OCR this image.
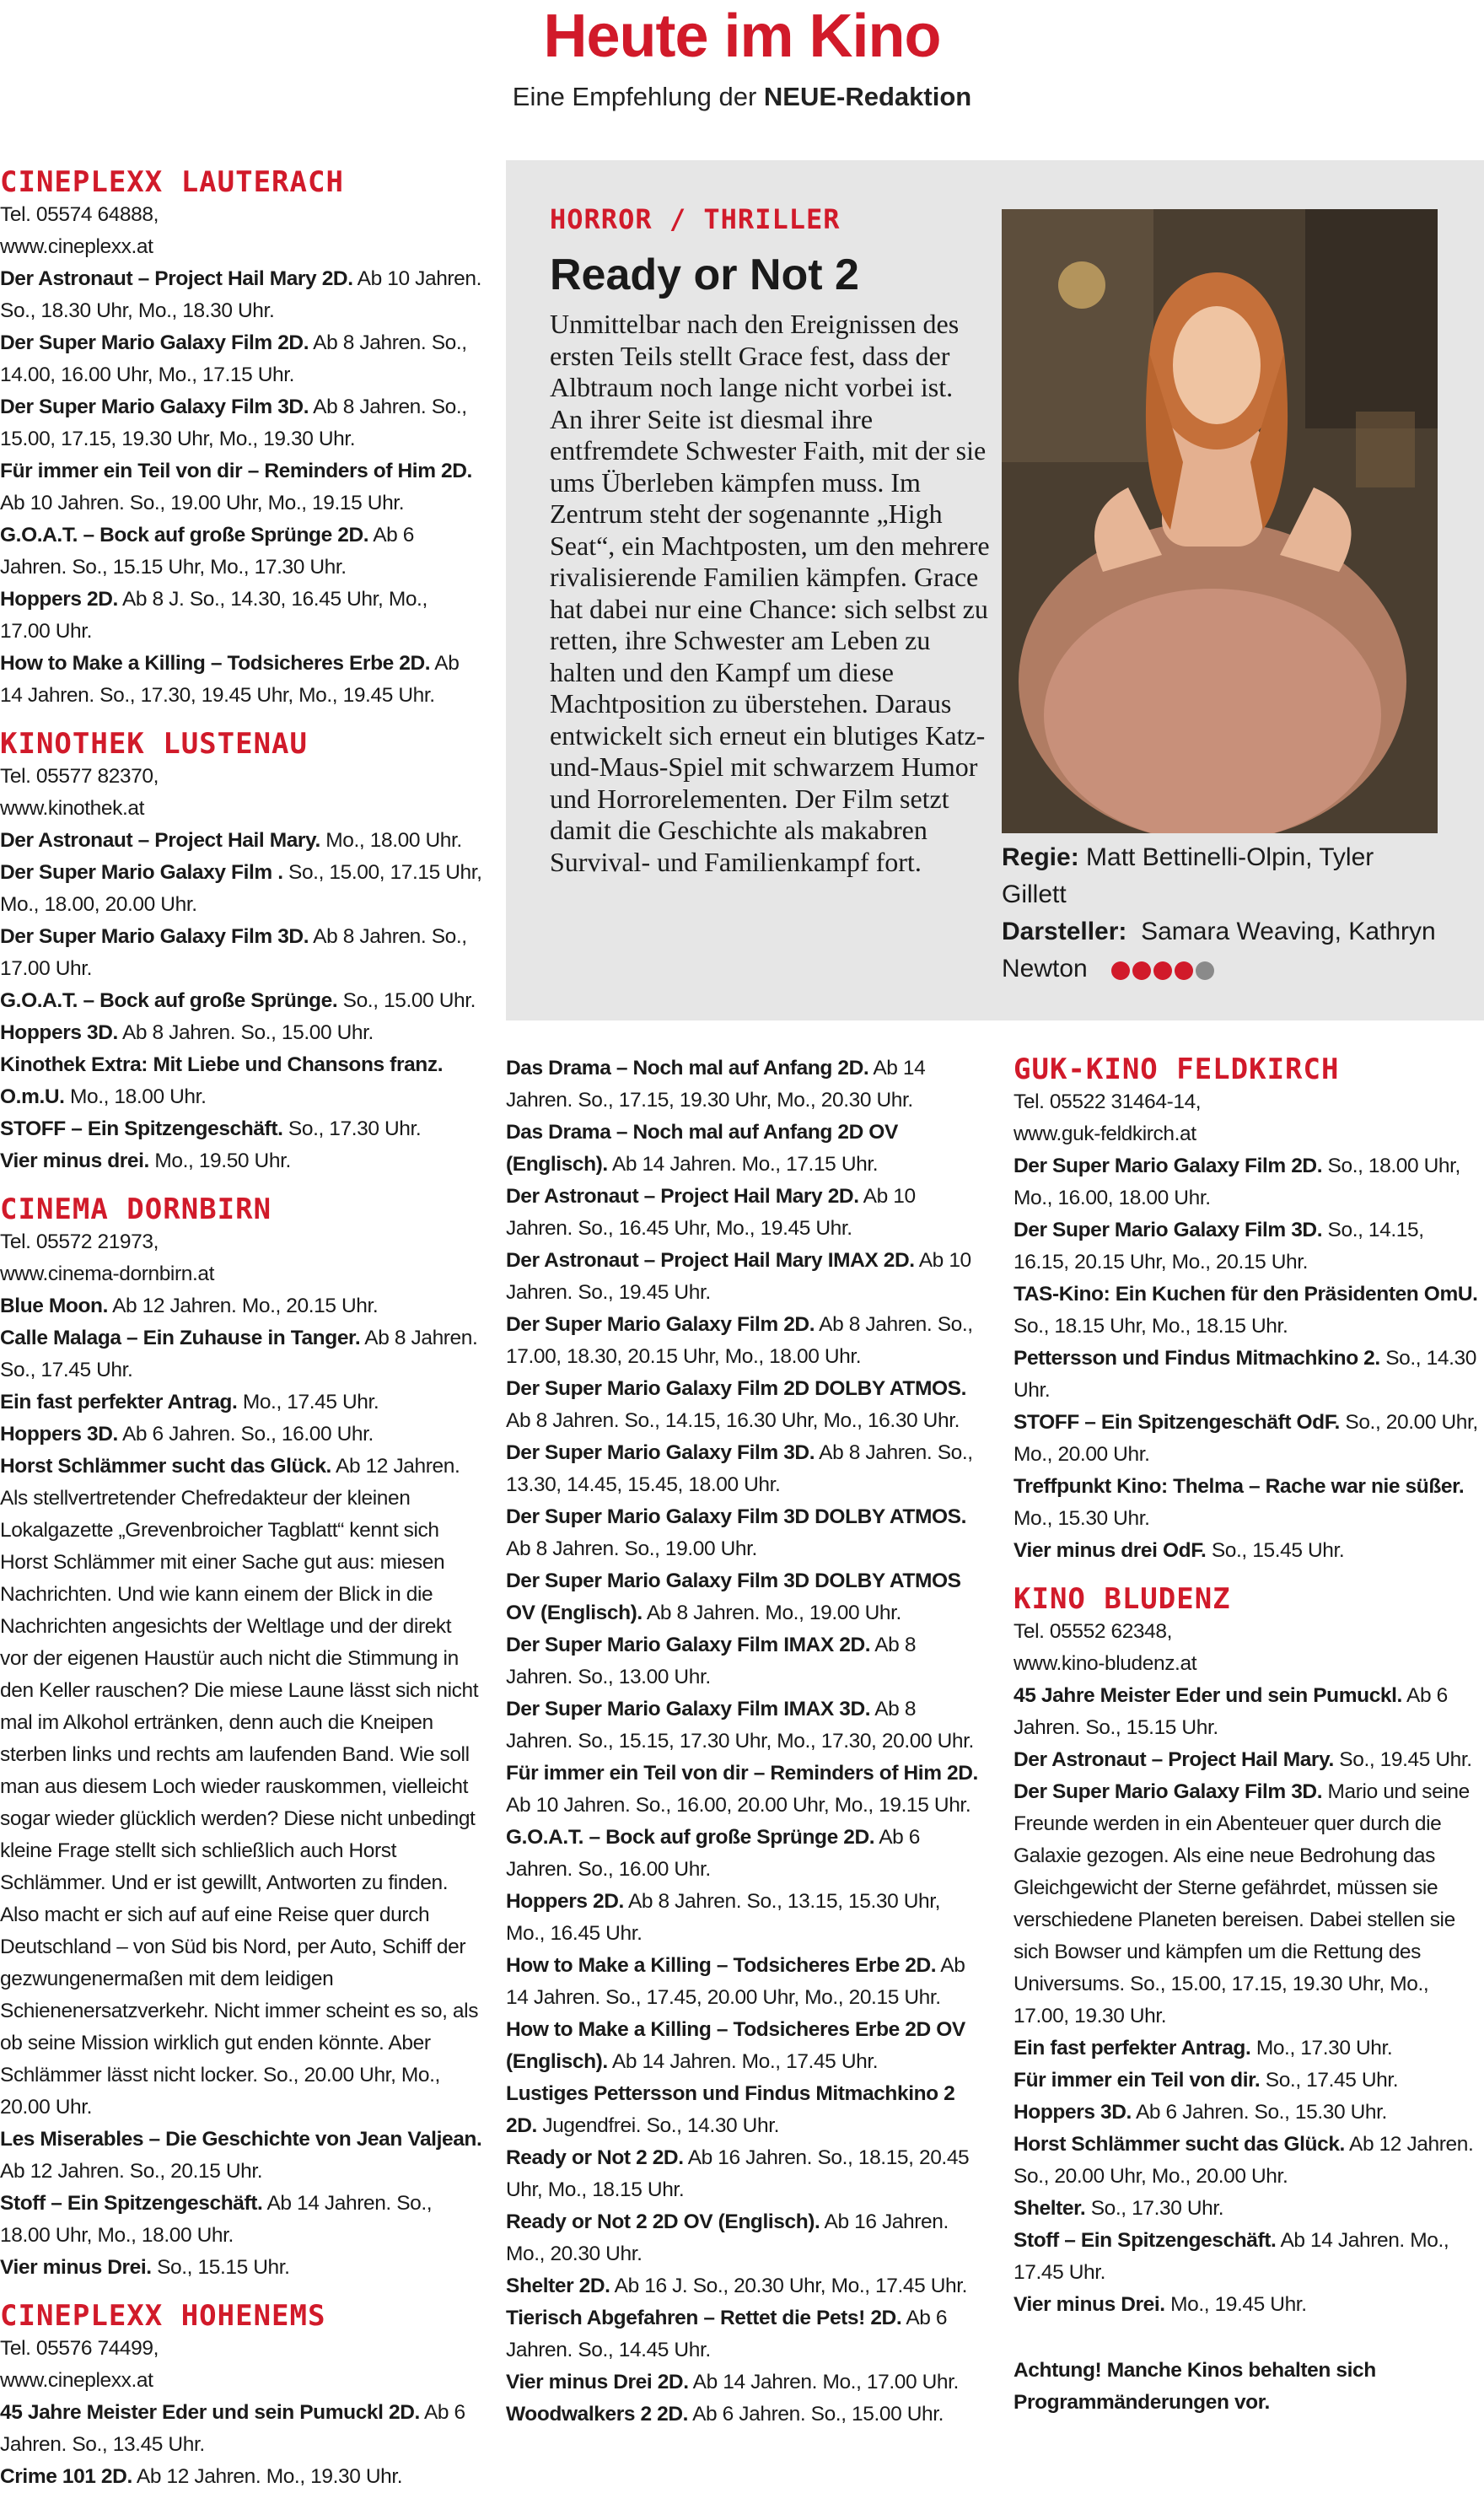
Heute im Kino
Eine Empfehlung der NEUE-Redaktion
CINEPLEXX LAUTERACH
Tel. 05574 64888,
www.cineplexx.at
Der Astronaut – Project Hail Mary 2D. Ab 10 Jahren. So., 18.30 Uhr, Mo., 18.30 Uhr.
Der Super Mario Galaxy Film 2D. Ab 8 Jahren. So., 14.00, 16.00 Uhr, Mo., 17.15 Uhr.
Der Super Mario Galaxy Film 3D. Ab 8 Jahren. So., 15.00, 17.15, 19.30 Uhr, Mo., 19.30 Uhr.
Für immer ein Teil von dir – Reminders of Him 2D. Ab 10 Jahren. So., 19.00 Uhr, Mo., 19.15 Uhr.
G.O.A.T. – Bock auf große Sprünge 2D. Ab 6 Jahren. So., 15.15 Uhr, Mo., 17.30 Uhr.
Hoppers 2D. Ab 8 J. So., 14.30, 16.45 Uhr, Mo., 17.00 Uhr.
How to Make a Killing – Todsicheres Erbe 2D. Ab 14 Jahren. So., 17.30, 19.45 Uhr, Mo., 19.45 Uhr.
KINOTHEK LUSTENAU
Tel. 05577 82370,
www.kinothek.at
Der Astronaut – Project Hail Mary. Mo., 18.00 Uhr.
Der Super Mario Galaxy Film . So., 15.00, 17.15 Uhr, Mo., 18.00, 20.00 Uhr.
Der Super Mario Galaxy Film 3D. Ab 8 Jahren. So., 17.00 Uhr.
G.O.A.T. – Bock auf große Sprünge. So., 15.00 Uhr.
Hoppers 3D. Ab 8 Jahren. So., 15.00 Uhr.
Kinothek Extra: Mit Liebe und Chansons franz. O.m.U. Mo., 18.00 Uhr.
STOFF – Ein Spitzengeschäft. So., 17.30 Uhr.
Vier minus drei. Mo., 19.50 Uhr.
CINEMA DORNBIRN
Tel. 05572 21973,
www.cinema-dornbirn.at
Blue Moon. Ab 12 Jahren. Mo., 20.15 Uhr.
Calle Malaga – Ein Zuhause in Tanger. Ab 8 Jahren. So., 17.45 Uhr.
Ein fast perfekter Antrag. Mo., 17.45 Uhr.
Hoppers 3D. Ab 6 Jahren. So., 16.00 Uhr.
Horst Schlämmer sucht das Glück. Ab 12 Jahren. Als stellvertretender Chefredakteur der kleinen Lokalgazette „Grevenbroicher Tagblatt“ kennt sich Horst Schlämmer mit einer Sache gut aus: miesen Nachrichten. Und wie kann einem der Blick in die Nachrichten angesichts der Weltlage und der direkt vor der eigenen Haustür auch nicht die Stimmung in den Keller rauschen? Die miese Laune lässt sich nicht mal im Alkohol ertränken, denn auch die Kneipen sterben links und rechts am laufenden Band. Wie soll man aus diesem Loch wieder rauskommen, vielleicht sogar wieder glücklich werden? Diese nicht unbedingt kleine Frage stellt sich schließlich auch Horst Schlämmer. Und er ist gewillt, Antworten zu finden. Also macht er sich auf auf eine Reise quer durch Deutschland – von Süd bis Nord, per Auto, Schiff der gezwungenermaßen mit dem leidigen Schienenersatzverkehr. Nicht immer scheint es so, als ob seine Mission wirklich gut enden könnte. Aber Schlämmer lässt nicht locker. So., 20.00 Uhr, Mo., 20.00 Uhr.
Les Miserables – Die Geschichte von Jean Valjean. Ab 12 Jahren. So., 20.15 Uhr.
Stoff – Ein Spitzengeschäft. Ab 14 Jahren. So., 18.00 Uhr, Mo., 18.00 Uhr.
Vier minus Drei. So., 15.15 Uhr.
CINEPLEXX HOHENEMS
Tel. 05576 74499,
www.cineplexx.at
45 Jahre Meister Eder und sein Pumuckl 2D. Ab 6 Jahren. So., 13.45 Uhr.
Crime 101 2D. Ab 12 Jahren. Mo., 19.30 Uhr.
HORROR / THRILLER
Ready or Not 2
Unmittelbar nach den Ereignissen des ersten Teils stellt Grace fest, dass der Albtraum noch lange nicht vorbei ist. An ihrer Seite ist diesmal ihre entfremdete Schwester Faith, mit der sie ums Überleben kämpfen muss. Im Zentrum steht der sogenannte „High Seat“, ein Machtposten, um den mehrere rivalisierende Familien kämpfen. Grace hat dabei nur eine Chance: sich selbst zu retten, ihre Schwester am Leben zu halten und den Kampf um diese Machtposition zu überstehen. Daraus entwickelt sich erneut ein blutiges Katz-und-Maus-Spiel mit schwarzem Humor und Horrorelementen. Der Film setzt damit die Geschichte als makabren Survival- und Familienkampf fort.	Regie: Matt Bettinelli-Olpin, Tyler Gillett
Darsteller: Samara Weaving, Kathryn Newton
Das Drama – Noch mal auf Anfang 2D. Ab 14 Jahren. So., 17.15, 19.30 Uhr, Mo., 20.30 Uhr.
Das Drama – Noch mal auf Anfang 2D OV (Englisch). Ab 14 Jahren. Mo., 17.15 Uhr.
Der Astronaut – Project Hail Mary 2D. Ab 10 Jahren. So., 16.45 Uhr, Mo., 19.45 Uhr.
Der Astronaut – Project Hail Mary IMAX 2D. Ab 10 Jahren. So., 19.45 Uhr.
Der Super Mario Galaxy Film 2D. Ab 8 Jahren. So., 17.00, 18.30, 20.15 Uhr, Mo., 18.00 Uhr.
Der Super Mario Galaxy Film 2D DOLBY ATMOS. Ab 8 Jahren. So., 14.15, 16.30 Uhr, Mo., 16.30 Uhr.
Der Super Mario Galaxy Film 3D. Ab 8 Jahren. So., 13.30, 14.45, 15.45, 18.00 Uhr.
Der Super Mario Galaxy Film 3D DOLBY ATMOS. Ab 8 Jahren. So., 19.00 Uhr.
Der Super Mario Galaxy Film 3D DOLBY ATMOS OV (Englisch). Ab 8 Jahren. Mo., 19.00 Uhr.
Der Super Mario Galaxy Film IMAX 2D. Ab 8 Jahren. So., 13.00 Uhr.
Der Super Mario Galaxy Film IMAX 3D. Ab 8 Jahren. So., 15.15, 17.30 Uhr, Mo., 17.30, 20.00 Uhr.
Für immer ein Teil von dir – Reminders of Him 2D. Ab 10 Jahren. So., 16.00, 20.00 Uhr, Mo., 19.15 Uhr.
G.O.A.T. – Bock auf große Sprünge 2D. Ab 6 Jahren. So., 16.00 Uhr.
Hoppers 2D. Ab 8 Jahren. So., 13.15, 15.30 Uhr, Mo., 16.45 Uhr.
How to Make a Killing – Todsicheres Erbe 2D. Ab 14 Jahren. So., 17.45, 20.00 Uhr, Mo., 20.15 Uhr.
How to Make a Killing – Todsicheres Erbe 2D OV (Englisch). Ab 14 Jahren. Mo., 17.45 Uhr.
Lustiges Pettersson und Findus Mitmachkino 2 2D. Jugendfrei. So., 14.30 Uhr.
Ready or Not 2 2D. Ab 16 Jahren. So., 18.15, 20.45 Uhr, Mo., 18.15 Uhr.
Ready or Not 2 2D OV (Englisch). Ab 16 Jahren. Mo., 20.30 Uhr.
Shelter 2D. Ab 16 J. So., 20.30 Uhr, Mo., 17.45 Uhr.
Tierisch Abgefahren – Rettet die Pets! 2D. Ab 6 Jahren. So., 14.45 Uhr.
Vier minus Drei 2D. Ab 14 Jahren. Mo., 17.00 Uhr.
Woodwalkers 2 2D. Ab 6 Jahren. So., 15.00 Uhr.
GUK-KINO FELDKIRCH
Tel. 05522 31464-14,
www.guk-feldkirch.at
Der Super Mario Galaxy Film 2D. So., 18.00 Uhr, Mo., 16.00, 18.00 Uhr.
Der Super Mario Galaxy Film 3D. So., 14.15, 16.15, 20.15 Uhr, Mo., 20.15 Uhr.
TAS-Kino: Ein Kuchen für den Präsidenten OmU. So., 18.15 Uhr, Mo., 18.15 Uhr.
Pettersson und Findus Mitmachkino 2. So., 14.30 Uhr.
STOFF – Ein Spitzengeschäft OdF. So., 20.00 Uhr, Mo., 20.00 Uhr.
Treffpunkt Kino: Thelma – Rache war nie süßer. Mo., 15.30 Uhr.
Vier minus drei OdF. So., 15.45 Uhr.
KINO BLUDENZ
Tel. 05552 62348,
www.kino-bludenz.at
45 Jahre Meister Eder und sein Pumuckl. Ab 6 Jahren. So., 15.15 Uhr.
Der Astronaut – Project Hail Mary. So., 19.45 Uhr.
Der Super Mario Galaxy Film 3D. Mario und seine Freunde werden in ein Abenteuer quer durch die Galaxie gezogen. Als eine neue Bedrohung das Gleichgewicht der Sterne gefährdet, müssen sie verschiedene Planeten bereisen. Dabei stellen sie sich Bowser und kämpfen um die Rettung des Universums. So., 15.00, 17.15, 19.30 Uhr, Mo., 17.00, 19.30 Uhr.
Ein fast perfekter Antrag. Mo., 17.30 Uhr.
Für immer ein Teil von dir. So., 17.45 Uhr.
Hoppers 3D. Ab 6 Jahren. So., 15.30 Uhr.
Horst Schlämmer sucht das Glück. Ab 12 Jahren. So., 20.00 Uhr, Mo., 20.00 Uhr.
Shelter. So., 17.30 Uhr.
Stoff – Ein Spitzengeschäft. Ab 14 Jahren. Mo., 17.45 Uhr.
Vier minus Drei. Mo., 19.45 Uhr.
Achtung! Manche Kinos behalten sich Programmänderungen vor.
